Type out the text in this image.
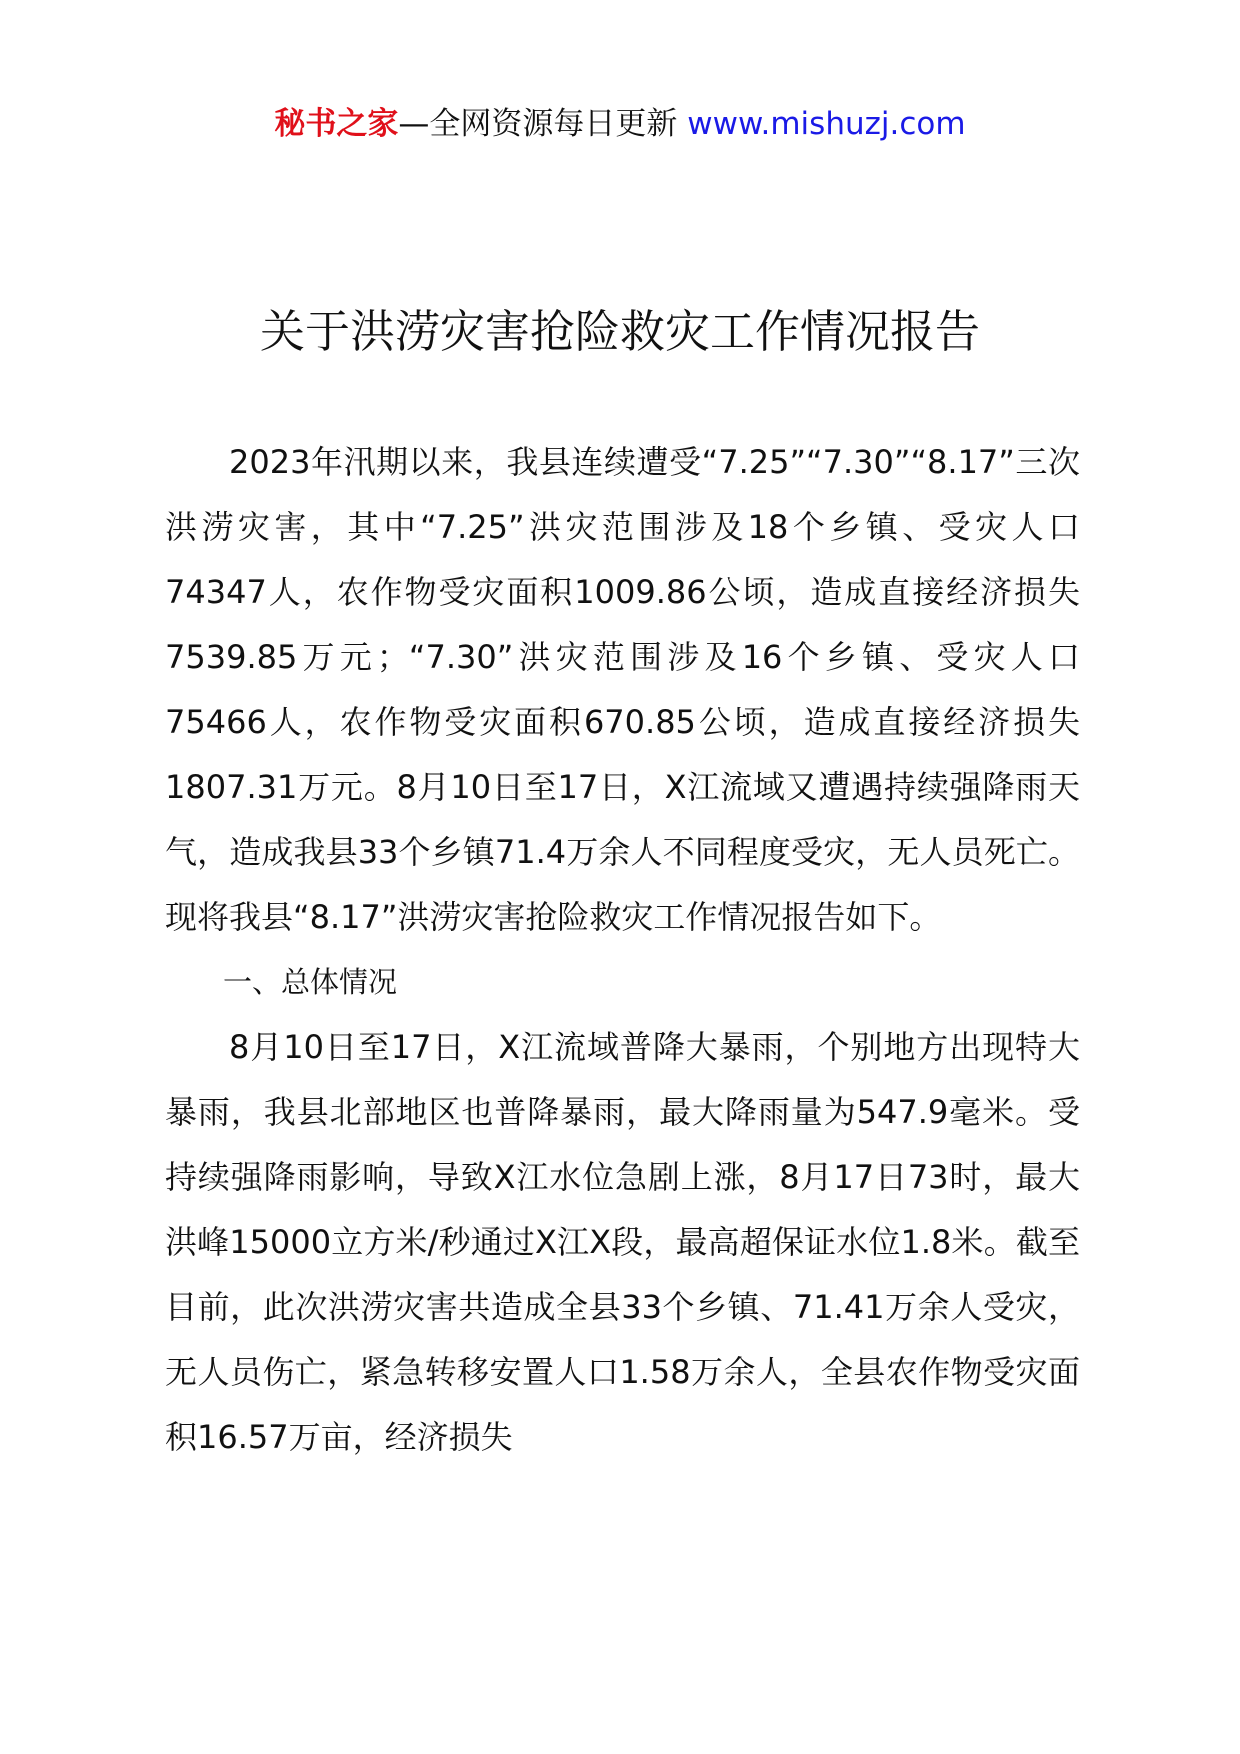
秘书之家—全网资源每日更新 www.mishuzj.com
关于洪涝灾害抢险救灾工作情况报告

2023年汛期以来，我县连续遭受“7.25”“7.30”“8.17”三次洪涝灾害，其中“7.25”洪灾范围涉及18个乡镇、受灾人口74347人，农作物受灾面积1009.86公顷，造成直接经济损失7539.85万元；“7.30”洪灾范围涉及16个乡镇、受灾人口75466人，农作物受灾面积670.85公顷，造成直接经济损失1807.31万元。8月10日至17日，X江流域又遭遇持续强降雨天气，造成我县33个乡镇71.4万余人不同程度受灾，无人员死亡。现将我县“8.17”洪涝灾害抢险救灾工作情况报告如下。

一、总体情况

8月10日至17日，X江流域普降大暴雨，个别地方出现特大暴雨，我县北部地区也普降暴雨，最大降雨量为547.9毫米。受持续强降雨影响，导致X江水位急剧上涨，8月17日73时，最大洪峰15000立方米/秒通过X江X段，最高超保证水位1.8米。截至目前，此次洪涝灾害共造成全县33个乡镇、71.41万余人受灾，无人员伤亡，紧急转移安置人口1.58万余人，全县农作物受灾面积16.57万亩，经济损失
